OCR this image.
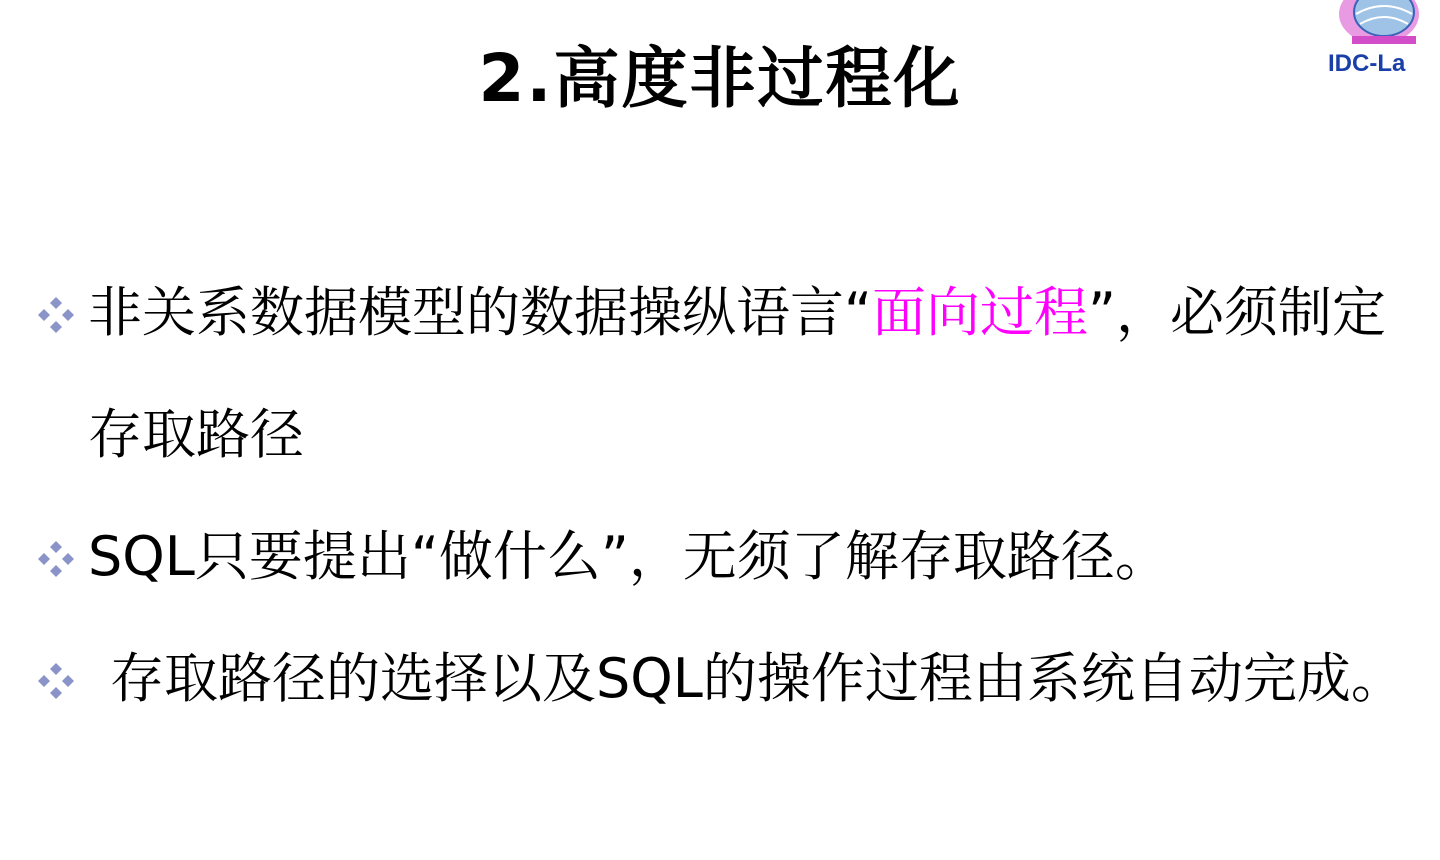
2.高度非过程化	IDC-La
非关系数据模型的数据操纵语言“面向过程”，必须制定存取路径
SQL只要提出“做什么”，无须了解存取路径。
存取路径的选择以及SQL的操作过程由系统自动完成。
